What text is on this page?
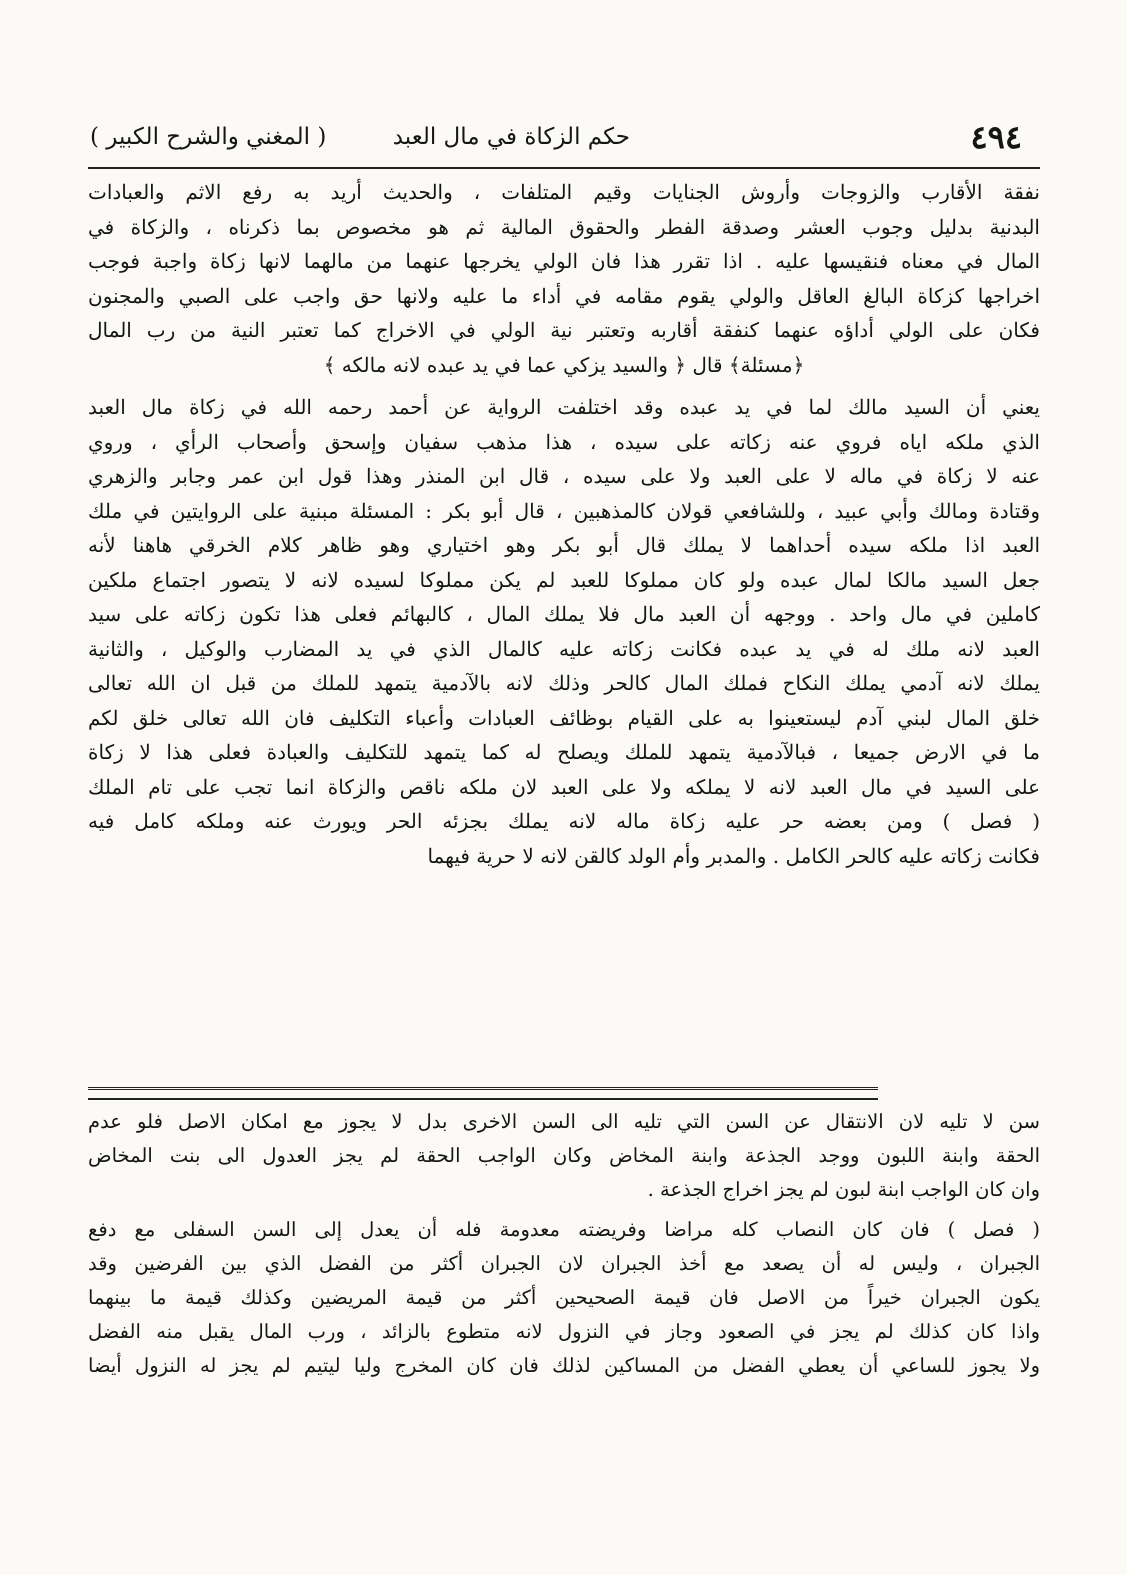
٤٩٤
حكم الزكاة في مال العبد
( المغني والشرح الكبير )
نفقة الأقارب والزوجات وأروش الجنايات وقيم المتلفات ، والحديث أريد به رفع الاثم والعبادات
البدنية بدليل وجوب العشر وصدقة الفطر والحقوق المالية ثم هو مخصوص بما ذكرناه ، والزكاة في
المال في معناه فنقيسها عليه . اذا تقرر هذا فان الولي يخرجها عنهما من مالهما لانها زكاة واجبة فوجب
اخراجها كزكاة البالغ العاقل والولي يقوم مقامه في أداء ما عليه ولانها حق واجب على الصبي والمجنون
فكان على الولي أداؤه عنهما كنفقة أقاربه وتعتبر نية الولي في الاخراج كما تعتبر النية من رب المال
﴿مسئلة﴾ قال ﴿ والسيد يزكي عما في يد عبده لانه مالكه ﴾
يعني أن السيد مالك لما في يد عبده وقد اختلفت الرواية عن أحمد رحمه الله في زكاة مال العبد
الذي ملكه اياه فروي عنه زكاته على سيده ، هذا مذهب سفيان وإسحق وأصحاب الرأي ، وروي
عنه لا زكاة في ماله لا على العبد ولا على سيده ، قال ابن المنذر وهذا قول ابن عمر وجابر والزهري
وقتادة ومالك وأبي عبيد ، وللشافعي قولان كالمذهبين ، قال أبو بكر : المسئلة مبنية على الروايتين في ملك
العبد اذا ملكه سيده أحداهما لا يملك قال أبو بكر وهو اختياري وهو ظاهر كلام الخرقي هاهنا لأنه
جعل السيد مالكا لمال عبده ولو كان مملوكا للعبد لم يكن مملوكا لسيده لانه لا يتصور اجتماع ملكين
كاملين في مال واحد . ووجهه أن العبد مال فلا يملك المال ، كالبهائم فعلى هذا تكون زكاته على سيد
العبد لانه ملك له في يد عبده فكانت زكاته عليه كالمال الذي في يد المضارب والوكيل ، والثانية
يملك لانه آدمي يملك النكاح فملك المال كالحر وذلك لانه بالآدمية يتمهد للملك من قبل ان الله تعالى
خلق المال لبني آدم ليستعينوا به على القيام بوظائف العبادات وأعباء التكليف فان الله تعالى خلق لكم
ما في الارض جميعا ، فبالآدمية يتمهد للملك ويصلح له كما يتمهد للتكليف والعبادة فعلى هذا لا زكاة
على السيد في مال العبد لانه لا يملكه ولا على العبد لان ملكه ناقص والزكاة انما تجب على تام الملك
( فصل ) ومن بعضه حر عليه زكاة ماله لانه يملك بجزئه الحر ويورث عنه وملكه كامل فيه
فكانت زكاته عليه كالحر الكامل . والمدبر وأم الولد كالقن لانه لا حرية فيهما
سن لا تليه لان الانتقال عن السن التي تليه الى السن الاخرى بدل لا يجوز مع امكان الاصل فلو عدم
الحقة وابنة اللبون ووجد الجذعة وابنة المخاض وكان الواجب الحقة لم يجز العدول الى بنت المخاض
وان كان الواجب ابنة لبون لم يجز اخراج الجذعة .
( فصل ) فان كان النصاب كله مراضا وفريضته معدومة فله أن يعدل إلى السن السفلى مع دفع
الجبران ، وليس له أن يصعد مع أخذ الجبران لان الجبران أكثر من الفضل الذي بين الفرضين وقد
يكون الجبران خيراً من الاصل فان قيمة الصحيحين أكثر من قيمة المريضين وكذلك قيمة ما بينهما
واذا كان كذلك لم يجز في الصعود وجاز في النزول لانه متطوع بالزائد ، ورب المال يقبل منه الفضل
ولا يجوز للساعي أن يعطي الفضل من المساكين لذلك فان كان المخرج وليا ليتيم لم يجز له النزول أيضا
